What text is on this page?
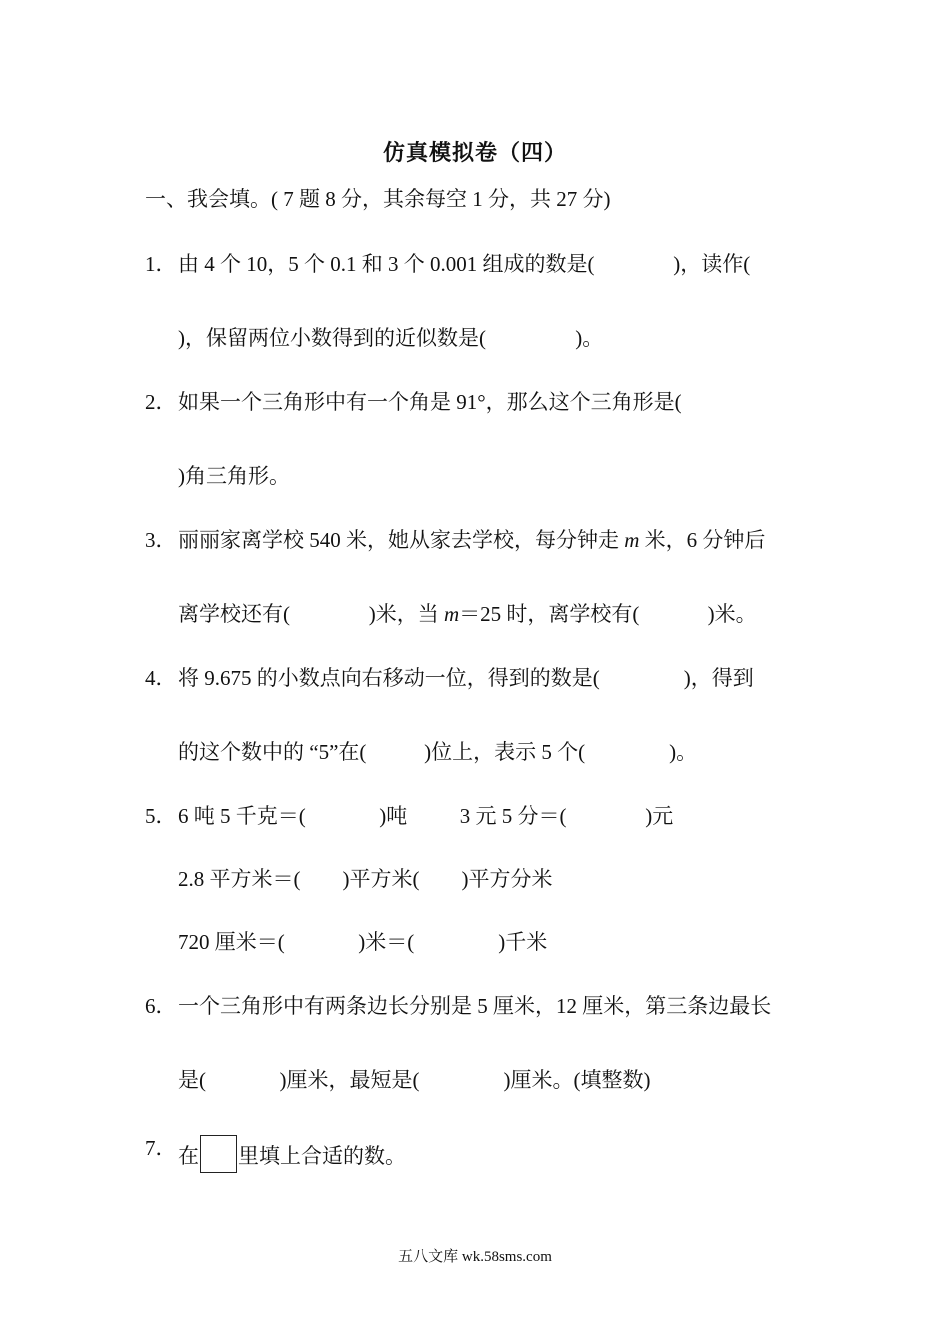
仿真模拟卷（四）
一、我会填。( 7 题 8 分，其余每空 1 分，共 27 分)
1． 由 4 个 10，5 个 0.1 和 3 个 0.001 组成的数是(               )，读作(
)，保留两位小数得到的近似数是(                 )。
2． 如果一个三角形中有一个角是 91°，那么这个三角形是(
)角三角形。
3． 丽丽家离学校 540 米，她从家去学校，每分钟走 m 米，6 分钟后
离学校还有(               )米，当 m＝25 时，离学校有(             )米。
4． 将 9.675 的小数点向右移动一位，得到的数是(                )，得到
的这个数中的 “5”在(           )位上，表示 5 个(                )。
5． 6 吨 5 千克＝(              )吨          3 元 5 分＝(               )元
2.8 平方米＝(        )平方米(        )平方分米
720 厘米＝(              )米＝(                )千米
6． 一个三角形中有两条边长分别是 5 厘米，12 厘米，第三条边最长
是(              )厘米，最短是(                )厘米。(填整数)
7． 在 里填上合适的数。
五八文库 wk.58sms.com
